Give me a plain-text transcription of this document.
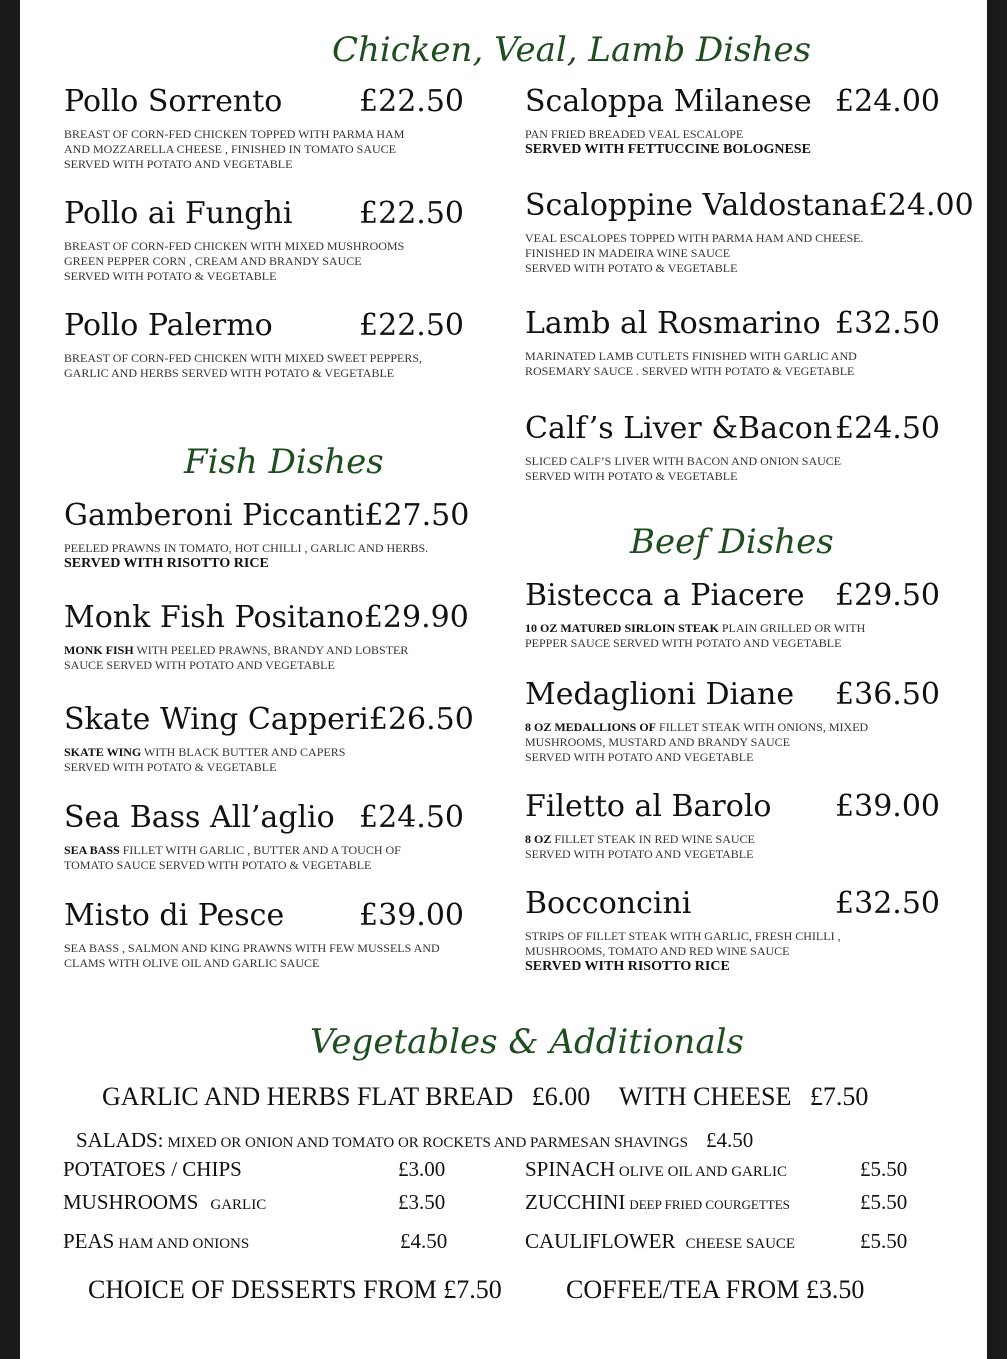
Chicken, Veal, Lamb Dishes
Fish Dishes
Beef Dishes
Vegetables & Additionals
Pollo Sorrento	£22.50
BREAST OF CORN-FED CHICKEN TOPPED WITH PARMA HAM
AND MOZZARELLA CHEESE , FINISHED IN TOMATO SAUCE
SERVED WITH POTATO AND VEGETABLE
Pollo ai Funghi £22.50
BREAST OF CORN-FED CHICKEN WITH MIXED MUSHROOMS
GREEN PEPPER CORN , CREAM AND BRANDY SAUCE
SERVED WITH POTATO & VEGETABLE
Pollo Palermo	£22.50
BREAST OF CORN-FED CHICKEN WITH MIXED SWEET PEPPERS,
GARLIC AND HERBS SERVED WITH POTATO & VEGETABLE
Gamberoni Piccanti £27.50
PEELED PRAWNS IN TOMATO, HOT CHILLI , GARLIC AND HERBS.
SERVED WITH RISOTTO RICE
Monk Fish Positano £29.90
MONK FISH WITH PEELED PRAWNS, BRANDY AND LOBSTER
SAUCE SERVED WITH POTATO AND VEGETABLE
Skate Wing Capperi £26.50
SKATE WING WITH BLACK BUTTER AND CAPERS
SERVED WITH POTATO & VEGETABLE
Sea Bass All’aglio £24.50
SEA BASS FILLET WITH GARLIC , BUTTER AND A TOUCH OF
TOMATO SAUCE SERVED WITH POTATO & VEGETABLE
Misto di Pesce £39.00
SEA BASS , SALMON AND KING PRAWNS WITH FEW MUSSELS AND
CLAMS WITH OLIVE OIL AND GARLIC SAUCE
Scaloppa Milanese £24.00
PAN FRIED BREADED VEAL ESCALOPE
SERVED WITH FETTUCCINE BOLOGNESE
Scaloppine Valdostana £24.00
VEAL ESCALOPES TOPPED WITH PARMA HAM AND CHEESE.
FINISHED IN MADEIRA WINE SAUCE
SERVED WITH POTATO & VEGETABLE
Lamb al Rosmarino £32.50
MARINATED LAMB CUTLETS FINISHED WITH GARLIC AND
ROSEMARY SAUCE . SERVED WITH POTATO & VEGETABLE
Calf’s Liver &Bacon £24.50
SLICED CALF’S LIVER WITH BACON AND ONION SAUCE
SERVED WITH POTATO & VEGETABLE
Bistecca a Piacere £29.50
10 OZ MATURED SIRLOIN STEAK PLAIN GRILLED OR WITH
PEPPER SAUCE SERVED WITH POTATO AND VEGETABLE
Medaglioni Diane £36.50
8 OZ MEDALLIONS OF FILLET STEAK WITH ONIONS, MIXED
MUSHROOMS, MUSTARD AND BRANDY SAUCE
SERVED WITH POTATO AND VEGETABLE
Filetto al Barolo £39.00
8 OZ FILLET STEAK IN RED WINE SAUCE
SERVED WITH POTATO AND VEGETABLE
Bocconcini	£32.50
STRIPS OF FILLET STEAK WITH GARLIC, FRESH CHILLI ,
MUSHROOMS, TOMATO AND RED WINE SAUCE
SERVED WITH RISOTTO RICE
GARLIC AND HERBS FLAT BREAD £6.00 WITH CHEESE £7.50
SALADS: MIXED OR ONION AND TOMATO OR ROCKETS AND PARMESAN SHAVINGS £4.50
POTATOES / CHIPS	£3.00
MUSHROOMS GARLIC	£3.50
PEAS HAM AND ONIONS	£4.50
SPINACH OLIVE OIL AND GARLIC	£5.50
ZUCCHINI DEEP FRIED COURGETTES	£5.50
CAULIFLOWER CHEESE SAUCE	£5.50
CHOICE OF DESSERTS FROM £7.50 COFFEE/TEA FROM £3.50
